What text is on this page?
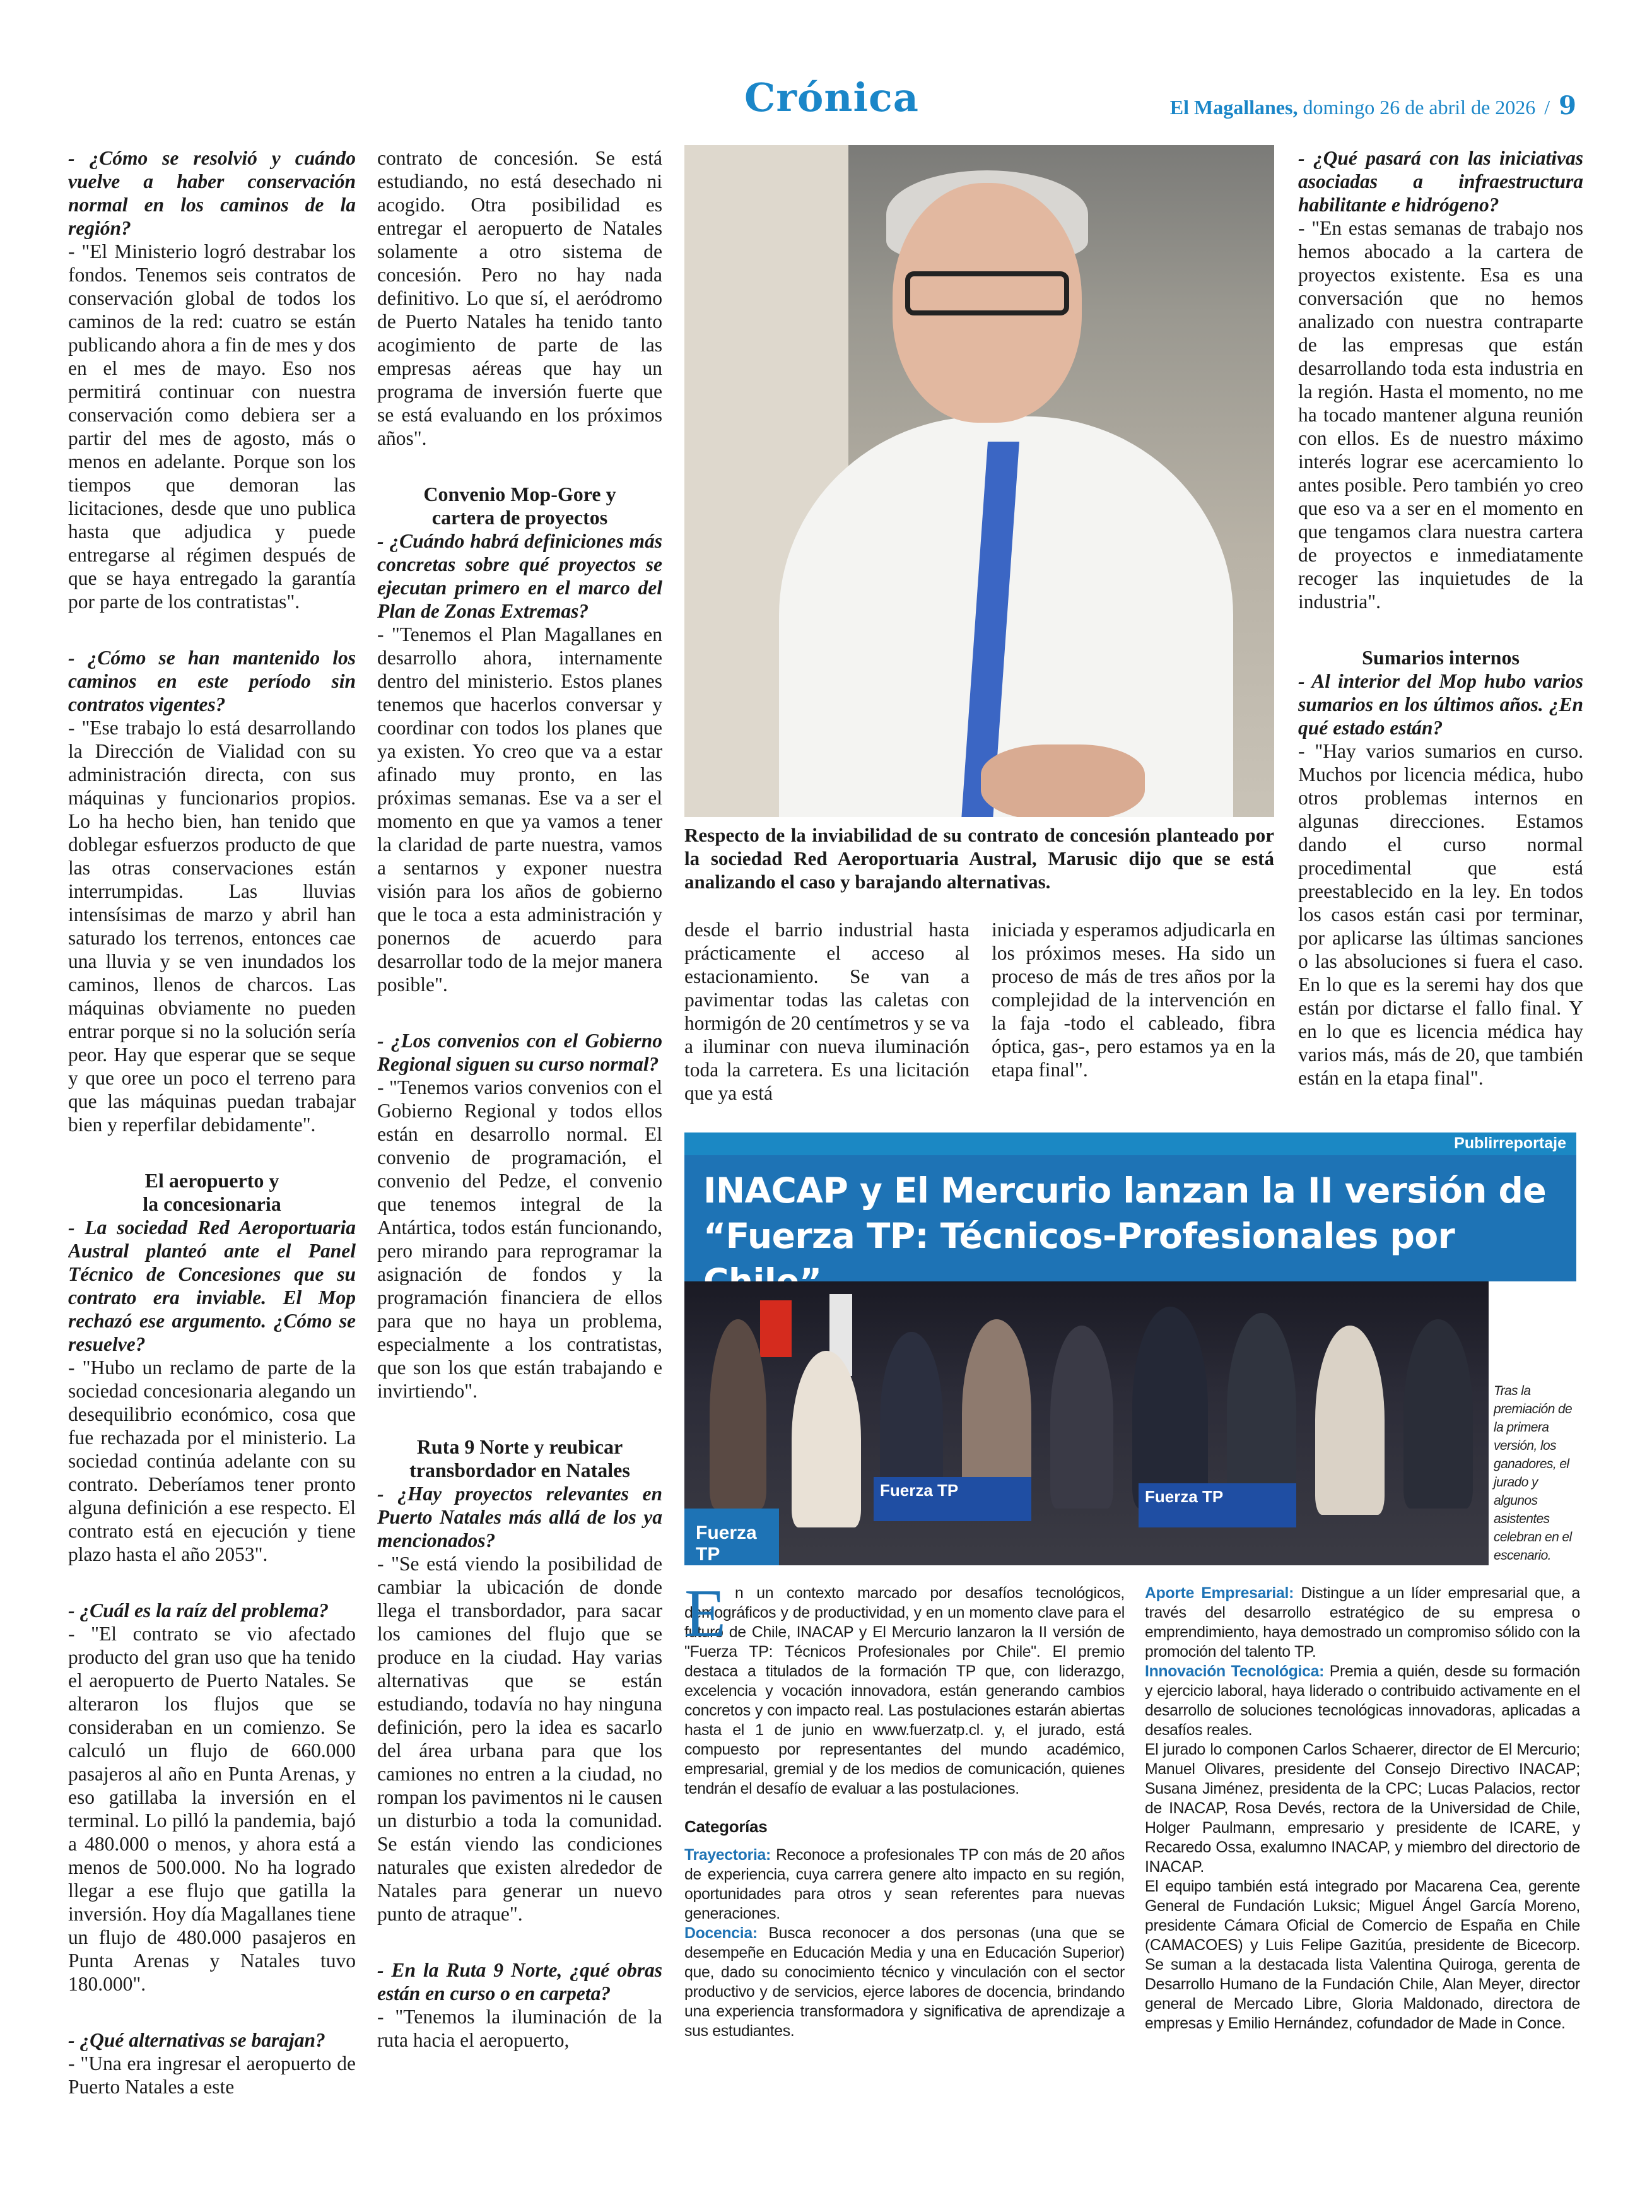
Crónica	El Magallanes, domingo 26 de abril de 2026 / 9

- ¿Cómo se resolvió y cuándo vuelve a haber conservación normal en los caminos de la región?

- "El Ministerio logró destrabar los fondos. Tenemos seis contratos de conservación global de todos los caminos de la red: cuatro se están publicando ahora a fin de mes y dos en el mes de mayo. Eso nos permitirá continuar con nuestra conservación como debiera ser a partir del mes de agosto, más o menos en adelante. Porque son los tiempos que demoran las licitaciones, desde que uno publica hasta que adjudica y puede entregarse al régimen después de que se haya entregado la garantía por parte de los contratistas".

- ¿Cómo se han mantenido los caminos en este período sin contratos vigentes?

- "Ese trabajo lo está desarrollando la Dirección de Vialidad con su administración directa, con sus máquinas y funcionarios propios. Lo ha hecho bien, han tenido que doblegar esfuerzos producto de que las otras conservaciones están interrumpidas. Las lluvias intensísimas de marzo y abril han saturado los terrenos, entonces cae una lluvia y se ven inundados los caminos, llenos de charcos. Las máquinas obviamente no pueden entrar porque si no la solución sería peor. Hay que esperar que se seque y que oree un poco el terreno para que las máquinas puedan trabajar bien y reperfilar debidamente".

El aeropuerto y
la concesionaria

- La sociedad Red Aeroportuaria Austral planteó ante el Panel Técnico de Concesiones que su contrato era inviable. El Mop rechazó ese argumento. ¿Cómo se resuelve?

- "Hubo un reclamo de parte de la sociedad concesionaria alegando un desequilibrio económico, cosa que fue rechazada por el ministerio. La sociedad continúa adelante con su contrato. Deberíamos tener pronto alguna definición a ese respecto. El contrato está en ejecución y tiene plazo hasta el año 2053".

- ¿Cuál es la raíz del problema?

- "El contrato se vio afectado producto del gran uso que ha tenido el aeropuerto de Puerto Natales. Se alteraron los flujos que se consideraban en un comienzo. Se calculó un flujo de 660.000 pasajeros al año en Punta Arenas, y eso gatillaba la inversión en el terminal. Lo pilló la pandemia, bajó a 480.000 o menos, y ahora está a menos de 500.000. No ha logrado llegar a ese flujo que gatilla la inversión. Hoy día Magallanes tiene un flujo de 480.000 pasajeros en Punta Arenas y Natales tuvo 180.000".

- ¿Qué alternativas se barajan?

- "Una era ingresar el aeropuerto de Puerto Natales a este

contrato de concesión. Se está estudiando, no está desechado ni acogido. Otra posibilidad es entregar el aeropuerto de Natales solamente a otro sistema de concesión. Pero no hay nada definitivo. Lo que sí, el aeródromo de Puerto Natales ha tenido tanto acogimiento de parte de las empresas aéreas que hay un programa de inversión fuerte que se está evaluando en los próximos años".

Convenio Mop-Gore y
cartera de proyectos

- ¿Cuándo habrá definiciones más concretas sobre qué proyectos se ejecutan primero en el marco del Plan de Zonas Extremas?

- "Tenemos el Plan Magallanes en desarrollo ahora, internamente dentro del ministerio. Estos planes tenemos que hacerlos conversar y coordinar con todos los planes que ya existen. Yo creo que va a estar afinado muy pronto, en las próximas semanas. Ese va a ser el momento en que ya vamos a tener la claridad de parte nuestra, vamos a sentarnos y exponer nuestra visión para los años de gobierno que le toca a esta administración y ponernos de acuerdo para desarrollar todo de la mejor manera posible".

- ¿Los convenios con el Gobierno Regional siguen su curso normal?

- "Tenemos varios convenios con el Gobierno Regional y todos ellos están en desarrollo normal. El convenio de programación, el convenio del Pedze, el convenio que tenemos integral de la Antártica, todos están funcionando, pero mirando para reprogramar la asignación de fondos y la programación financiera de ellos para que no haya un problema, especialmente a los contratistas, que son los que están trabajando e invirtiendo".

Ruta 9 Norte y reubicar
transbordador en Natales

- ¿Hay proyectos relevantes en Puerto Natales más allá de los ya mencionados?

- "Se está viendo la posibilidad de cambiar la ubicación de donde llega el transbordador, para sacar los camiones del flujo que se produce en la ciudad. Hay varias alternativas que se están estudiando, todavía no hay ninguna definición, pero la idea es sacarlo del área urbana para que los camiones no entren a la ciudad, no rompan los pavimentos ni le causen un disturbio a toda la comunidad. Se están viendo las condiciones naturales que existen alrededor de Natales para generar un nuevo punto de atraque".

- En la Ruta 9 Norte, ¿qué obras están en curso o en carpeta?

- "Tenemos la iluminación de la ruta hacia el aeropuerto,

Respecto de la inviabilidad de su contrato de concesión planteado por la sociedad Red Aeroportuaria Austral, Marusic dijo que se está analizando el caso y barajando alternativas.

desde el barrio industrial hasta prácticamente el acceso al estacionamiento. Se van a pavimentar todas las caletas con hormigón de 20 centímetros y se va a iluminar con nueva iluminación toda la carretera. Es una licitación que ya está

iniciada y esperamos adjudicarla en los próximos meses. Ha sido un proceso de más de tres años por la complejidad de la intervención en la faja -todo el cableado, fibra óptica, gas-, pero estamos ya en la etapa final".

- ¿Qué pasará con las iniciativas asociadas a infraestructura habilitante e hidrógeno?

- "En estas semanas de trabajo nos hemos abocado a la cartera de proyectos existente. Esa es una conversación que no hemos analizado con nuestra contraparte de las empresas que están desarrollando toda esta industria en la región. Hasta el momento, no me ha tocado mantener alguna reunión con ellos. Es de nuestro máximo interés lograr ese acercamiento lo antes posible. Pero también yo creo que eso va a ser en el momento en que tengamos clara nuestra cartera de proyectos e inmediatamente recoger las inquietudes de la industria".

Sumarios internos

- Al interior del Mop hubo varios sumarios en los últimos años. ¿En qué estado están?

- "Hay varios sumarios en curso. Muchos por licencia médica, hubo otros problemas internos en algunas direcciones. Estamos dando el curso normal procedimental que está preestablecido en la ley. En todos los casos están casi por terminar, por aplicarse las últimas sanciones o las absoluciones si fuera el caso. En lo que es la seremi hay dos que están por dictarse el fallo final. Y en lo que es licencia médica hay varios más, más de 20, que también están en la etapa final".

Publirreportaje
INACAP y El Mercurio lanzan la II versión de
“Fuerza TP: Técnicos-Profesionales por
Fuerza TP
Fuerza TP	Fuerza TP
Tras la premiación de la primera versión, los ganadores, el jurado y algunos asistentes celebran en el escenario.
E n un contexto marcado por desafíos tecnológicos, demográficos y de productividad, y en un momento clave para el futuro de Chile, INACAP y El Mercurio lanzaron la II versión de "Fuerza TP: Técnicos Profesionales por Chile". El premio destaca a titulados de la formación TP que, con liderazgo, excelencia y vocación innovadora, están generando cambios concretos y con impacto real. Las postulaciones estarán abiertas hasta el 1 de junio en www.fuerzatp.cl. y, el jurado, está compuesto por representantes del mundo académico, empresarial, gremial y de los medios de comunicación, quienes tendrán el desafío de evaluar a las postulaciones.

Categorías

Trayectoria: Reconoce a profesionales TP con más de 20 años de experiencia, cuya carrera genere alto impacto en su región, oportunidades para otros y sean referentes para nuevas generaciones.

Docencia: Busca reconocer a dos personas (una que se desempeñe en Educación Media y una en Educación Superior) que, dado su conocimiento técnico y vinculación con el sector productivo y de servicios, ejerce labores de docencia, brindando una experiencia transformadora y significativa de aprendizaje a sus estudiantes.

Aporte Empresarial: Distingue a un líder empresarial que, a través del desarrollo estratégico de su empresa o emprendimiento, haya demostrado un compromiso sólido con la promoción del talento TP.

Innovación Tecnológica: Premia a quién, desde su formación y ejercicio laboral, haya liderado o contribuido activamente en el desarrollo de soluciones tecnológicas innovadoras, aplicadas a desafíos reales.

El jurado lo componen Carlos Schaerer, director de El Mercurio; Manuel Olivares, presidente del Consejo Directivo INACAP; Susana Jiménez, presidenta de la CPC; Lucas Palacios, rector de INACAP, Rosa Devés, rectora de la Universidad de Chile, Holger Paulmann, empresario y presidente de ICARE, y Recaredo Ossa, exalumno INACAP, y miembro del directorio de INACAP.

El equipo también está integrado por Macarena Cea, gerente General de Fundación Luksic; Miguel Ángel García Moreno, presidente Cámara Oficial de Comercio de España en Chile (CAMACOES) y Luis Felipe Gazitúa, presidente de Bicecorp. Se suman a la destacada lista Valentina Quiroga, gerenta de Desarrollo Humano de la Fundación Chile, Alan Meyer, director general de Mercado Libre, Gloria Maldonado, directora de empresas y Emilio Hernández, cofundador de Made in Conce.
